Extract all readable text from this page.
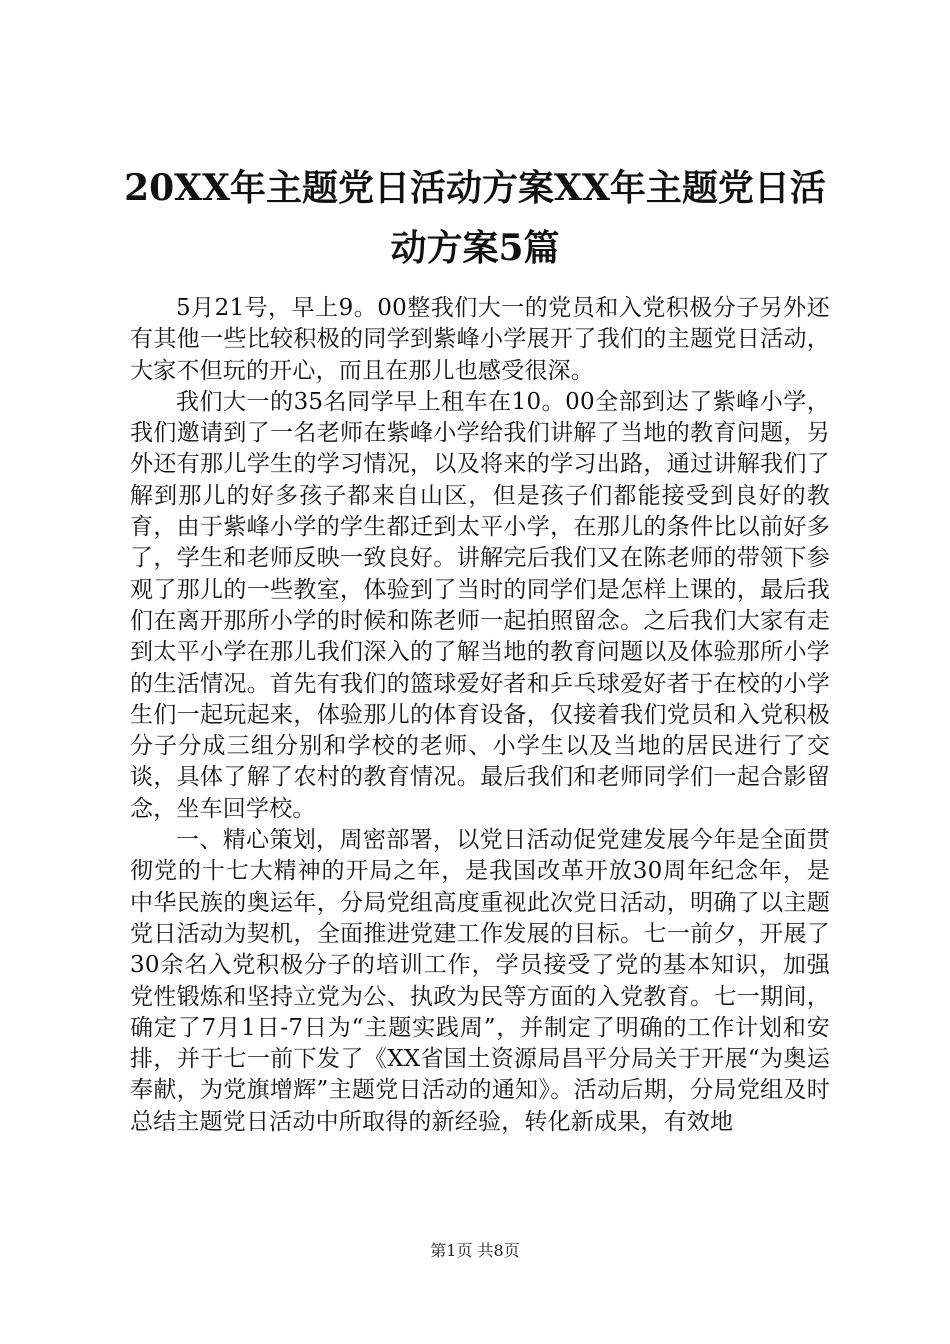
20XX年主题党日活动方案XX年主题党日活动方案5篇

5月21号，早上9。00整我们大一的党员和入党积极分子另外还有其他一些比较积极的同学到紫峰小学展开了我们的主题党日活动，大家不但玩的开心，而且在那儿也感受很深。

我们大一的35名同学早上租车在10。00全部到达了紫峰小学，我们邀请到了一名老师在紫峰小学给我们讲解了当地的教育问题，另外还有那儿学生的学习情况，以及将来的学习出路，通过讲解我们了解到那儿的好多孩子都来自山区，但是孩子们都能接受到良好的教育，由于紫峰小学的学生都迁到太平小学，在那儿的条件比以前好多了，学生和老师反映一致良好。讲解完后我们又在陈老师的带领下参观了那儿的一些教室，体验到了当时的同学们是怎样上课的，最后我们在离开那所小学的时候和陈老师一起拍照留念。之后我们大家有走到太平小学在那儿我们深入的了解当地的教育问题以及体验那所小学的生活情况。首先有我们的篮球爱好者和乒乓球爱好者于在校的小学生们一起玩起来，体验那儿的体育设备，仅接着我们党员和入党积极分子分成三组分别和学校的老师、小学生以及当地的居民进行了交谈，具体了解了农村的教育情况。最后我们和老师同学们一起合影留念，坐车回学校。

一、精心策划，周密部署，以党日活动促党建发展今年是全面贯彻党的十七大精神的开局之年，是我国改革开放30周年纪念年，是中华民族的奥运年，分局党组高度重视此次党日活动，明确了以主题党日活动为契机，全面推进党建工作发展的目标。七一前夕，开展了30余名入党积极分子的培训工作，学员接受了党的基本知识，加强党性锻炼和坚持立党为公、执政为民等方面的入党教育。七一期间，确定了7月1日-7日为“主题实践周”，并制定了明确的工作计划和安排，并于七一前下发了《XX省国土资源局昌平分局关于开展“为奥运奉献，为党旗增辉”主题党日活动的通知》。活动后期，分局党组及时总结主题党日活动中所取得的新经验，转化新成果，有效地

第1页 共8页
